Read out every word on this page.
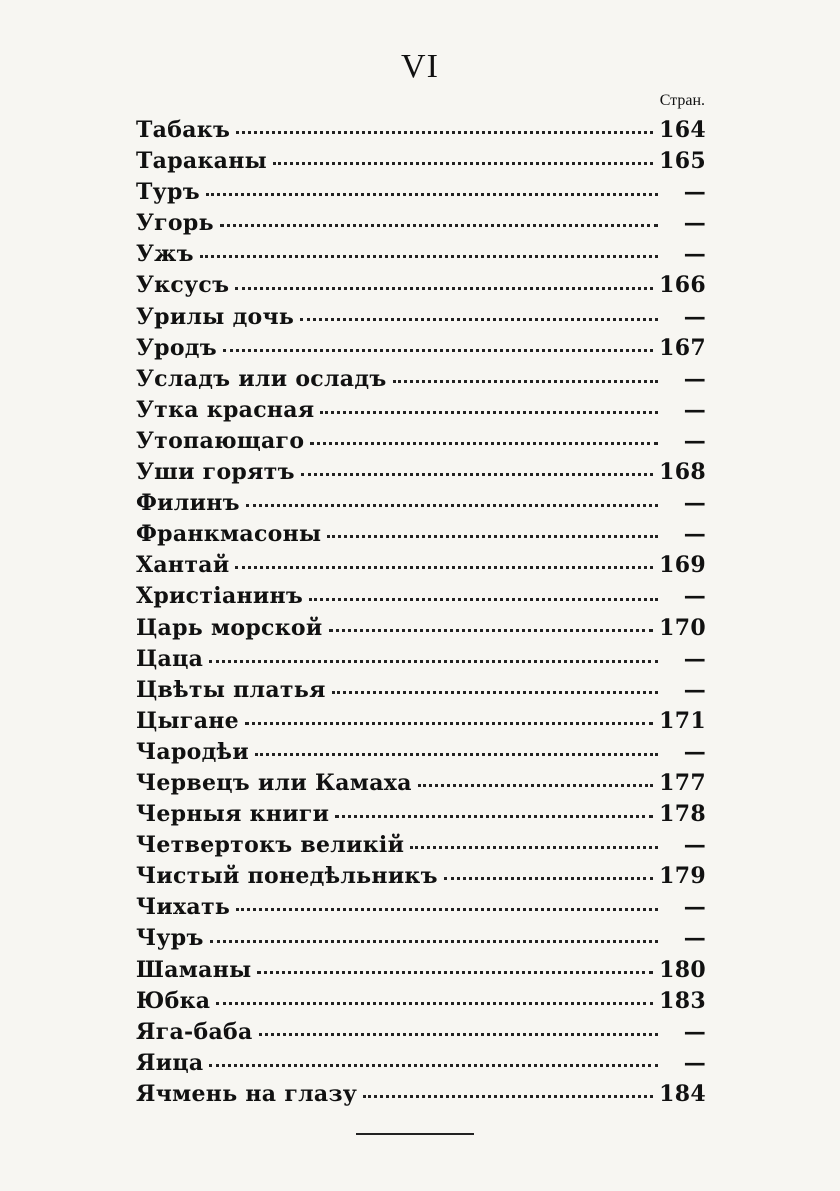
VI
Стран.
Табакъ	164
Тараканы	165
Туръ	—
Угорь	—
Ужъ	—
Уксусъ	166
Урилы дочь	—
Уродъ	167
Усладъ или осладъ	—
Утка красная	—
Утопающаго	—
Уши горятъ	168
Филинъ	—
Франкмасоны	—
Хантай	169
Христіанинъ	—
Царь морской	170
Цаца	—
Цвѣты платья	—
Цыгане	171
Чародѣи	—
Червецъ или Камаха	177
Черныя книги	178
Четвертокъ великій	—
Чистый понедѣльникъ	179
Чихать	—
Чуръ	—
Шаманы	180
Юбка	183
Яга-баба	—
Яица	—
Ячмень на глазу	184
